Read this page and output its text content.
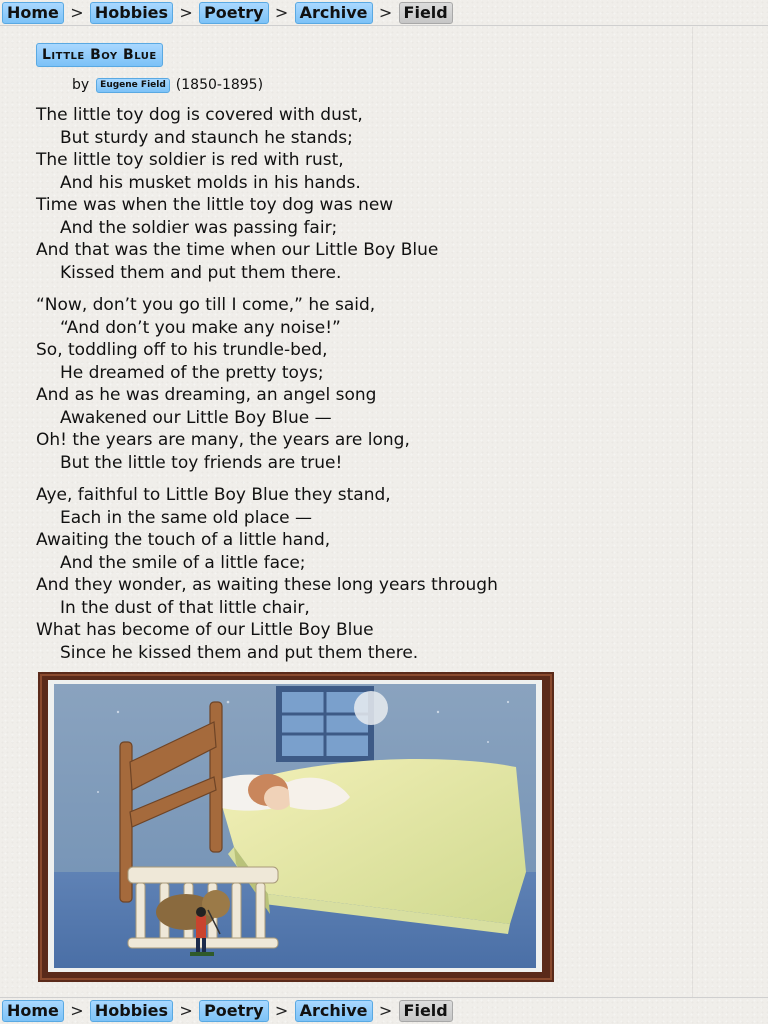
Home > Hobbies > Poetry > Archive > Field
Little Boy Blue
by	Eugene Field (1850-1895)
The little toy dog is covered with dust,
But sturdy and staunch he stands;
The little toy soldier is red with rust,
And his musket molds in his hands.
Time was when the little toy dog was new
And the soldier was passing fair;
And that was the time when our Little Boy Blue
Kissed them and put them there.
“Now, don’t you go till I come,” he said,
“And don’t you make any noise!”
So, toddling off to his trundle-bed,
He dreamed of the pretty toys;
And as he was dreaming, an angel song
Awakened our Little Boy Blue —
Oh! the years are many, the years are long,
But the little toy friends are true!
Aye, faithful to Little Boy Blue they stand,
Each in the same old place —
Awaiting the touch of a little hand,
And the smile of a little face;
And they wonder, as waiting these long years through
In the dust of that little chair,
What has become of our Little Boy Blue
Since he kissed them and put them there.
Home > Hobbies > Poetry > Archive > Field
